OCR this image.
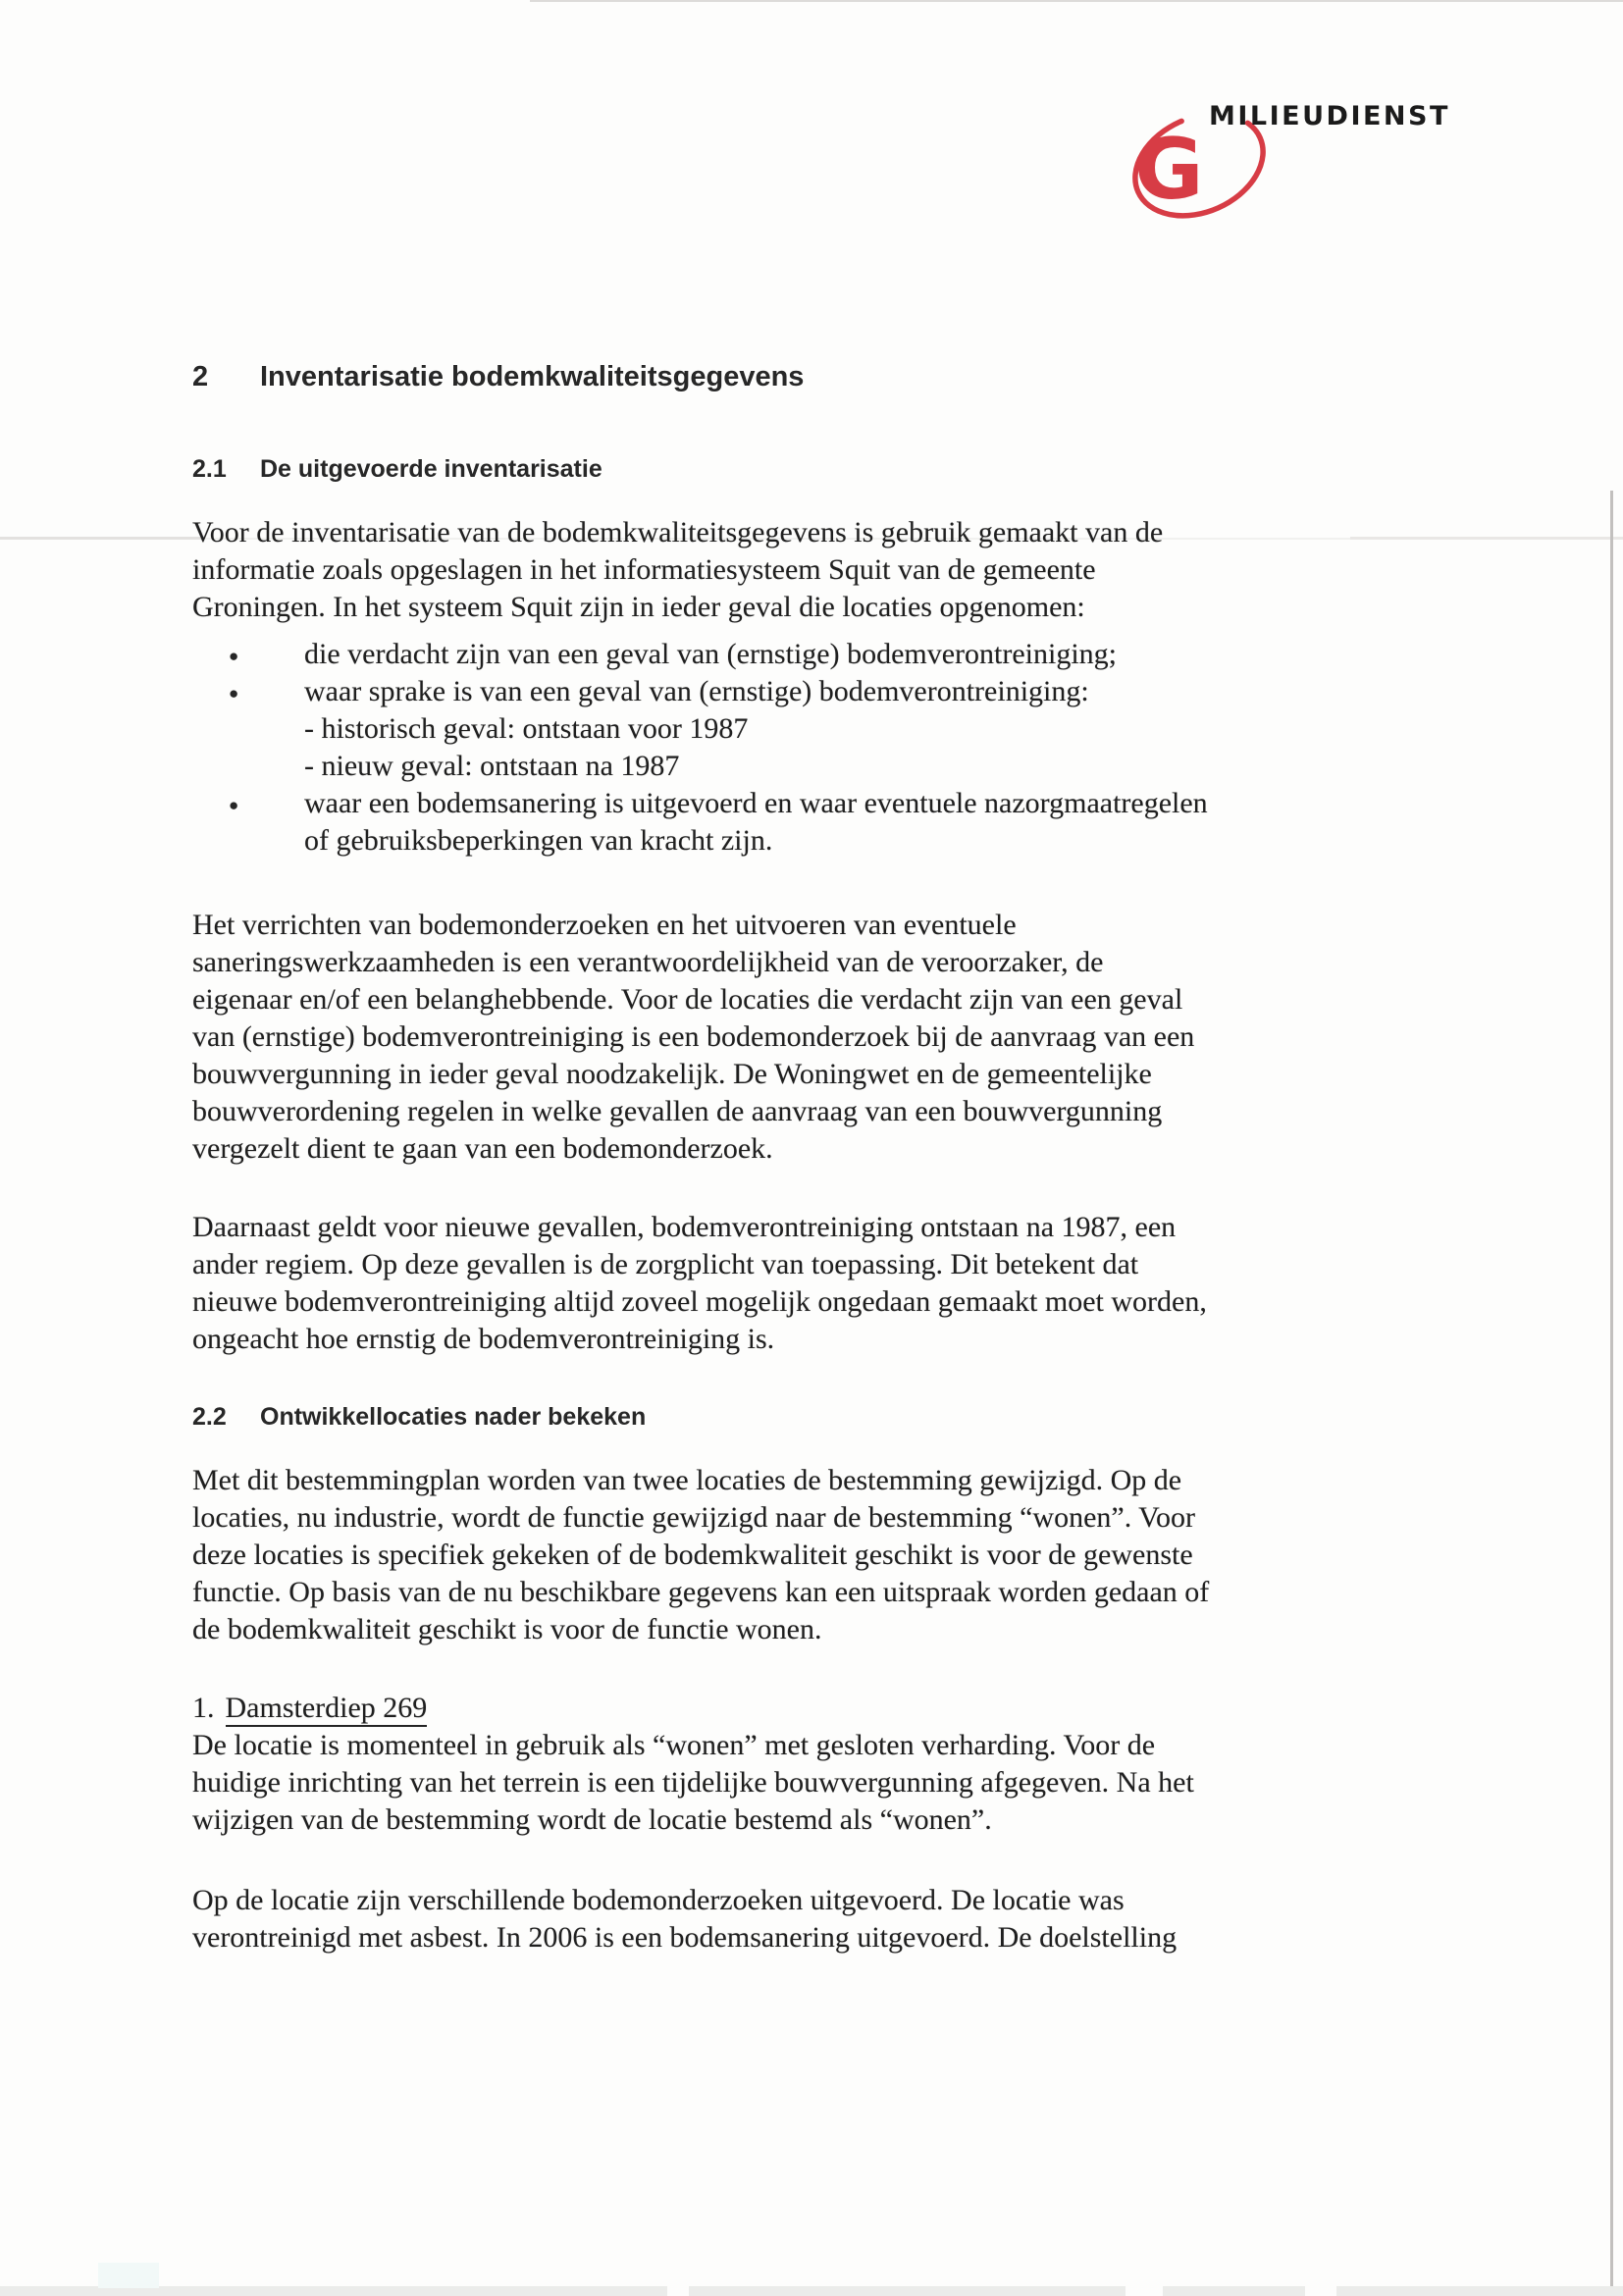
G
MILIEUDIENST
2	Inventarisatie bodemkwaliteitsgegevens
2.1	De uitgevoerde inventarisatie
Voor de inventarisatie van de bodemkwaliteitsgegevens is gebruik gemaakt van de
informatie zoals opgeslagen in het informatiesysteem Squit van de gemeente
Groningen. In het systeem Squit zijn in ieder geval die locaties opgenomen:
● die verdacht zijn van een geval van (ernstige) bodemverontreiniging;
● waar sprake is van een geval van (ernstige) bodemverontreiniging:
- historisch geval: ontstaan voor 1987
- nieuw geval: ontstaan na 1987
● waar een bodemsanering is uitgevoerd en waar eventuele nazorgmaatregelen
of gebruiksbeperkingen van kracht zijn.
Het verrichten van bodemonderzoeken en het uitvoeren van eventuele
saneringswerkzaamheden is een verantwoordelijkheid van de veroorzaker, de
eigenaar en/of een belanghebbende. Voor de locaties die verdacht zijn van een geval
van (ernstige) bodemverontreiniging is een bodemonderzoek bij de aanvraag van een
bouwvergunning in ieder geval noodzakelijk. De Woningwet en de gemeentelijke
bouwverordening regelen in welke gevallen de aanvraag van een bouwvergunning
vergezelt dient te gaan van een bodemonderzoek.
Daarnaast geldt voor nieuwe gevallen, bodemverontreiniging ontstaan na 1987, een
ander regiem. Op deze gevallen is de zorgplicht van toepassing. Dit betekent dat
nieuwe bodemverontreiniging altijd zoveel mogelijk ongedaan gemaakt moet worden,
ongeacht hoe ernstig de bodemverontreiniging is.
2.2	Ontwikkellocaties nader bekeken
Met dit bestemmingplan worden van twee locaties de bestemming gewijzigd. Op de
locaties, nu industrie, wordt de functie gewijzigd naar de bestemming “wonen”. Voor
deze locaties is specifiek gekeken of de bodemkwaliteit geschikt is voor de gewenste
functie. Op basis van de nu beschikbare gegevens kan een uitspraak worden gedaan of
de bodemkwaliteit geschikt is voor de functie wonen.
1. Damsterdiep 269
De locatie is momenteel in gebruik als “wonen” met gesloten verharding. Voor de
huidige inrichting van het terrein is een tijdelijke bouwvergunning afgegeven. Na het
wijzigen van de bestemming wordt de locatie bestemd als “wonen”.
Op de locatie zijn verschillende bodemonderzoeken uitgevoerd. De locatie was
verontreinigd met asbest. In 2006 is een bodemsanering uitgevoerd. De doelstelling
